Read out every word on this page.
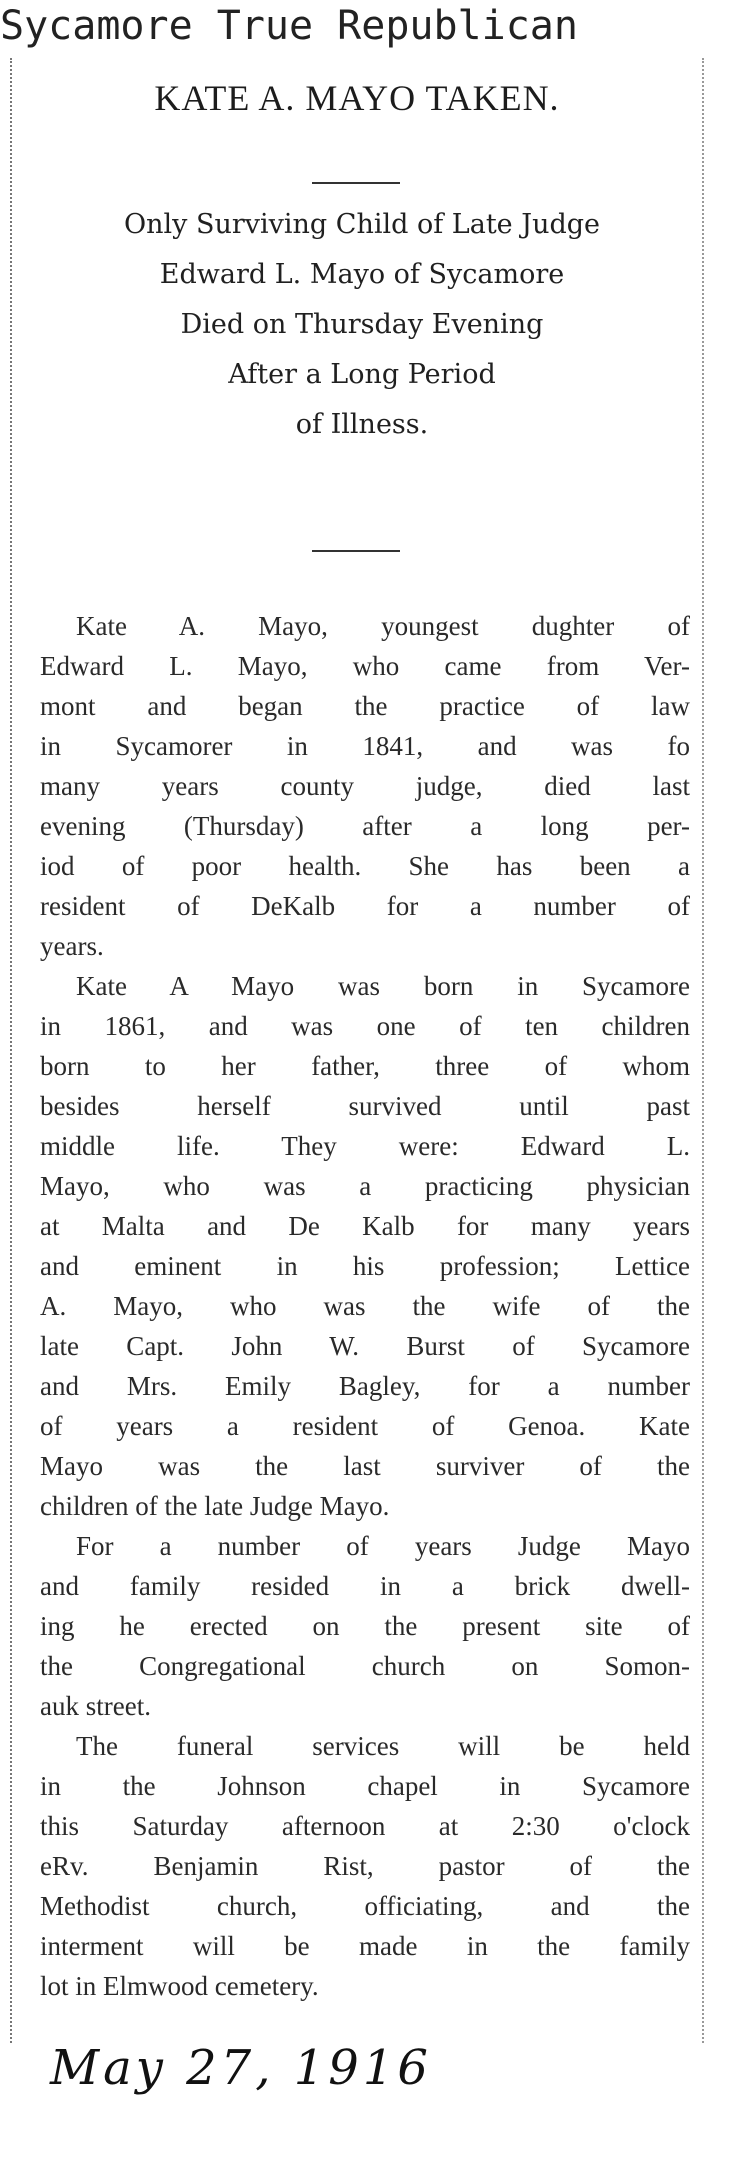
Sycamore True Republican
KATE A. MAYO TAKEN.
Only Surviving Child of Late Judge
Edward L. Mayo of Sycamore
Died on Thursday Evening
After a Long Period
of Illness.

Kate A. Mayo, youngest dughter of
Edward L. Mayo, who came from Ver-
mont and began the practice of law
in Sycamorer in 1841, and was fo
many years county judge, died last
evening (Thursday) after a long per-
iod of poor health. She has been a
resident of DeKalb for a number of
years.

Kate A Mayo was born in Sycamore
in 1861, and was one of ten children
born to her father, three of whom
besides herself survived until past
middle life. They were: Edward L.
Mayo, who was a practicing physician
at Malta and De Kalb for many years
and eminent in his profession; Lettice
A. Mayo, who was the wife of the
late Capt. John W. Burst of Sycamore
and Mrs. Emily Bagley, for a number
of years a resident of Genoa. Kate
Mayo was the last surviver of the
children of the late Judge Mayo.

For a number of years Judge Mayo
and family resided in a brick dwell-
ing he erected on the present site of
the Congregational church on Somon-
auk street.

The funeral services will be held
in the Johnson chapel in Sycamore
this Saturday afternoon at 2:30 o'clock
eRv. Benjamin Rist, pastor of the
Methodist church, officiating, and the
interment will be made in the family
lot in Elmwood cemetery.

May 27, 1916
